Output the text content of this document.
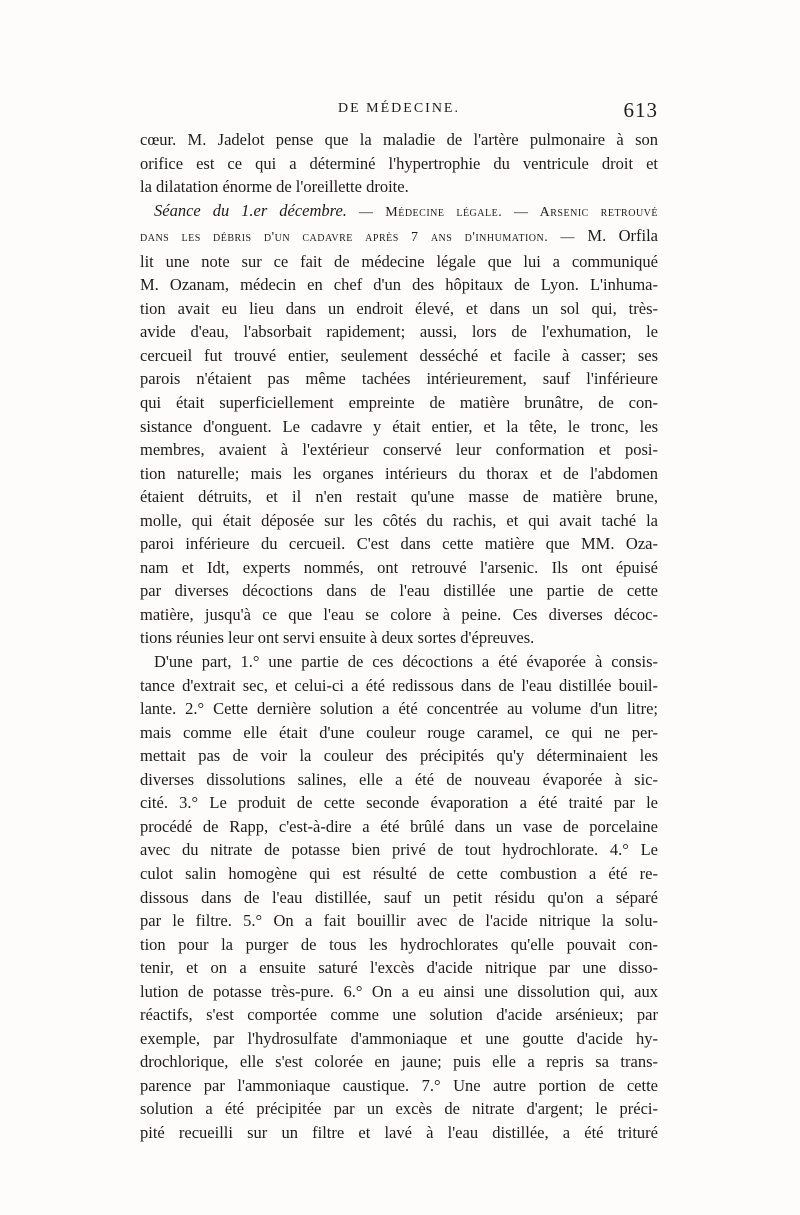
DE MÉDECINE.	613

cœur. M. Jadelot pense que la maladie de l'artère pulmonaire à son
orifice est ce qui a déterminé l'hypertrophie du ventricule droit et
la dilatation énorme de l'oreillette droite.

Séance du 1.er décembre. — Médecine légale. — Arsenic retrouvé
dans les débris d'un cadavre après 7 ans d'inhumation. — M. Orfila
lit une note sur ce fait de médecine légale que lui a communiqué
M. Ozanam, médecin en chef d'un des hôpitaux de Lyon. L'inhuma-
tion avait eu lieu dans un endroit élevé, et dans un sol qui, très-
avide d'eau, l'absorbait rapidement; aussi, lors de l'exhumation, le
cercueil fut trouvé entier, seulement desséché et facile à casser; ses
parois n'étaient pas même tachées intérieurement, sauf l'inférieure
qui était superficiellement empreinte de matière brunâtre, de con-
sistance d'onguent. Le cadavre y était entier, et la tête, le tronc, les
membres, avaient à l'extérieur conservé leur conformation et posi-
tion naturelle; mais les organes intérieurs du thorax et de l'abdomen
étaient détruits, et il n'en restait qu'une masse de matière brune,
molle, qui était déposée sur les côtés du rachis, et qui avait taché la
paroi inférieure du cercueil. C'est dans cette matière que MM. Oza-
nam et Idt, experts nommés, ont retrouvé l'arsenic. Ils ont épuisé
par diverses décoctions dans de l'eau distillée une partie de cette
matière, jusqu'à ce que l'eau se colore à peine. Ces diverses décoc-
tions réunies leur ont servi ensuite à deux sortes d'épreuves.

D'une part, 1.° une partie de ces décoctions a été évaporée à consis-
tance d'extrait sec, et celui-ci a été redissous dans de l'eau distillée bouil-
lante. 2.° Cette dernière solution a été concentrée au volume d'un litre;
mais comme elle était d'une couleur rouge caramel, ce qui ne per-
mettait pas de voir la couleur des précipités qu'y déterminaient les
diverses dissolutions salines, elle a été de nouveau évaporée à sic-
cité. 3.° Le produit de cette seconde évaporation a été traité par le
procédé de Rapp, c'est-à-dire a été brûlé dans un vase de porcelaine
avec du nitrate de potasse bien privé de tout hydrochlorate. 4.° Le
culot salin homogène qui est résulté de cette combustion a été re-
dissous dans de l'eau distillée, sauf un petit résidu qu'on a séparé
par le filtre. 5.° On a fait bouillir avec de l'acide nitrique la solu-
tion pour la purger de tous les hydrochlorates qu'elle pouvait con-
tenir, et on a ensuite saturé l'excès d'acide nitrique par une disso-
lution de potasse très-pure. 6.° On a eu ainsi une dissolution qui, aux
réactifs, s'est comportée comme une solution d'acide arsénieux; par
exemple, par l'hydrosulfate d'ammoniaque et une goutte d'acide hy-
drochlorique, elle s'est colorée en jaune; puis elle a repris sa trans-
parence par l'ammoniaque caustique. 7.° Une autre portion de cette
solution a été précipitée par un excès de nitrate d'argent; le préci-
pité recueilli sur un filtre et lavé à l'eau distillée, a été trituré
